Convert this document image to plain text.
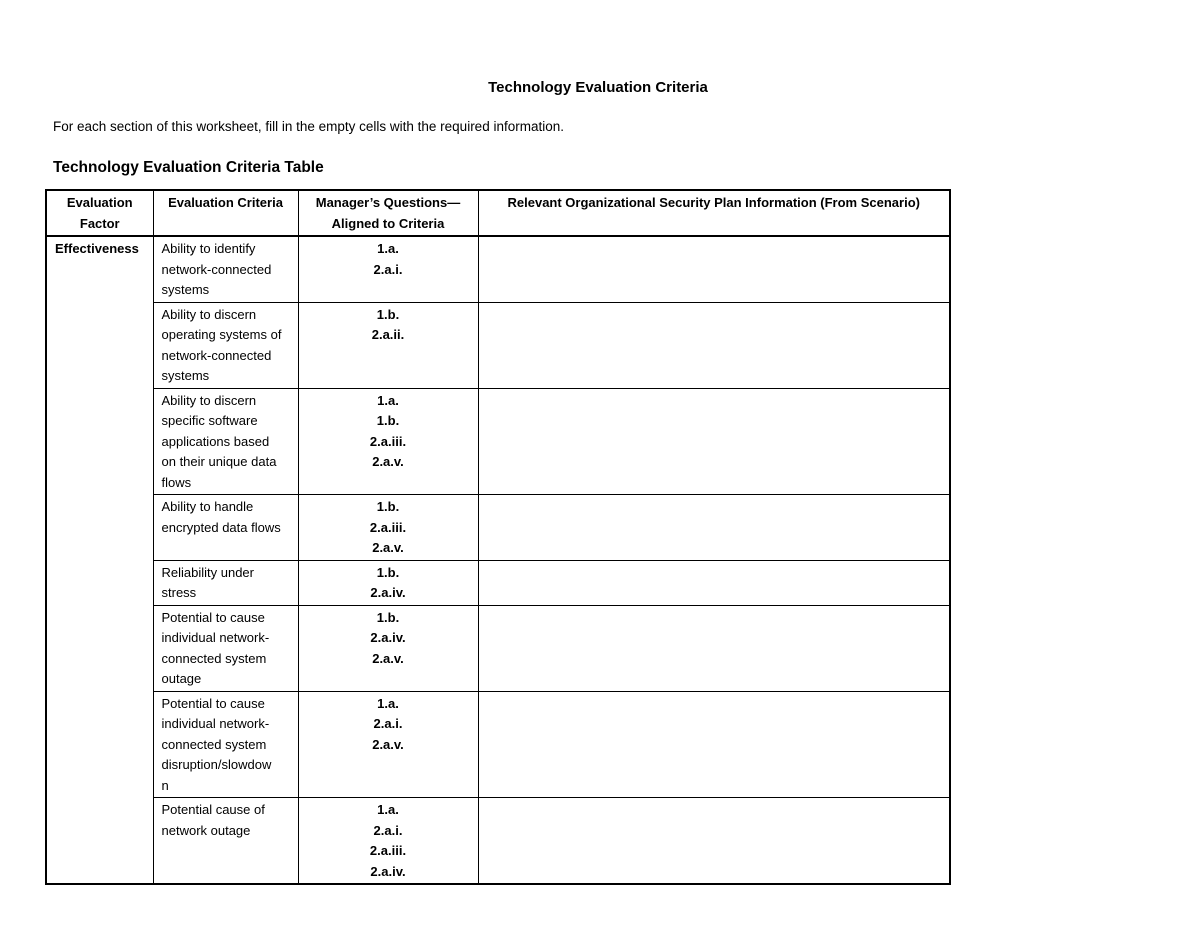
Technology Evaluation Criteria
For each section of this worksheet, fill in the empty cells with the required information.
Technology Evaluation Criteria Table
Evaluation
Factor	Evaluation Criteria	Manager’s Questions—
Aligned to Criteria	Relevant Organizational Security Plan Information (From Scenario)
Effectiveness	Ability to identify
network-connected
systems	1.a.
2.a.i.	

	Ability to discern
operating systems of
network-connected
systems	1.b.
2.a.ii.	

	Ability to discern
specific software
applications based
on their unique data
flows	1.a.
1.b.
2.a.iii.
2.a.v.	

	Ability to handle
encrypted data flows	1.b.
2.a.iii.
2.a.v.	

	Reliability under
stress	1.b.
2.a.iv.	

	Potential to cause
individual network-
connected system
outage	1.b.
2.a.iv.
2.a.v.	

	Potential to cause
individual network-
connected system
disruption/slowdow
n	1.a.
2.a.i.
2.a.v.	

	Potential cause of
network outage	1.a.
2.a.i.
2.a.iii.
2.a.iv.	
